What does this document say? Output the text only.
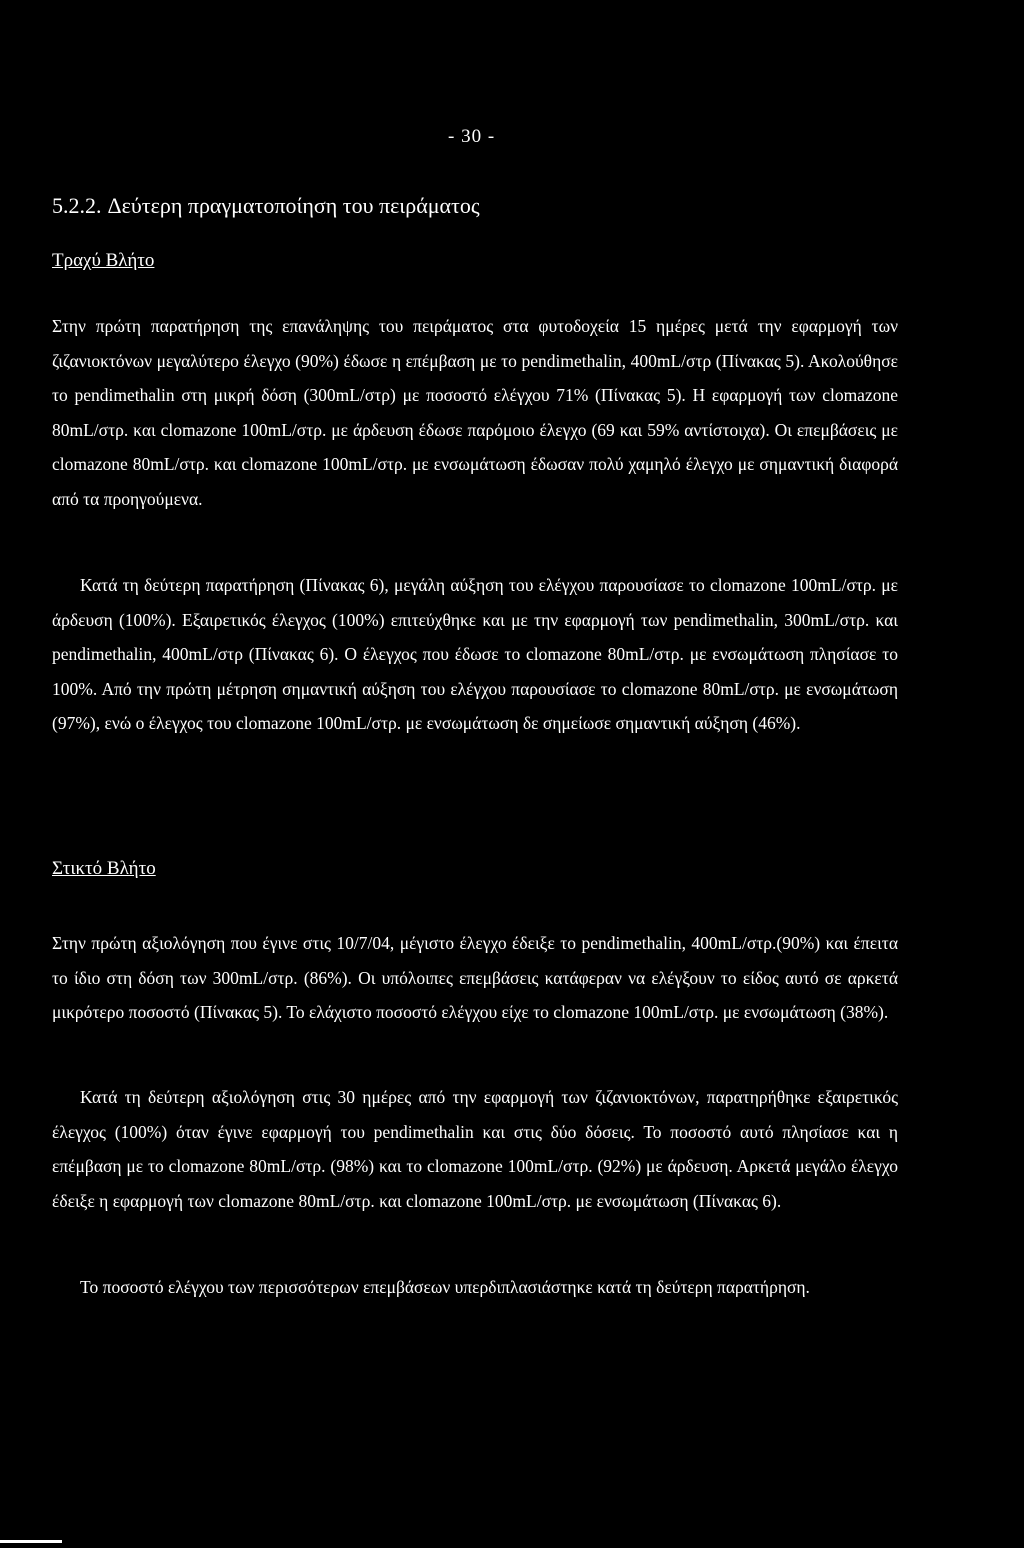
- 30 -
5.2.2. Δεύτερη πραγματοποίηση του πειράματος
Τραχύ Βλήτο

Στην πρώτη παρατήρηση της επανάληψης του πειράματος στα φυτοδοχεία 15 ημέρες μετά την εφαρμογή των ζιζανιοκτόνων μεγαλύτερο έλεγχο (90%) έδωσε η επέμβαση με το pendimethalin, 400mL/στρ (Πίνακας 5). Ακολούθησε το pendimethalin στη μικρή δόση (300mL/στρ) με ποσοστό ελέγχου 71% (Πίνακας 5). Η εφαρμογή των clomazone 80mL/στρ. και clomazone 100mL/στρ. με άρδευση έδωσε παρόμοιο έλεγχο (69 και 59% αντίστοιχα). Οι επεμβάσεις με clomazone 80mL/στρ. και clomazone 100mL/στρ. με ενσωμάτωση έδωσαν πολύ χαμηλό έλεγχο με σημαντική διαφορά από τα προηγούμενα.

Κατά τη δεύτερη παρατήρηση (Πίνακας 6), μεγάλη αύξηση του ελέγχου παρουσίασε το clomazone 100mL/στρ. με άρδευση (100%). Εξαιρετικός έλεγχος (100%) επιτεύχθηκε και με την εφαρμογή των pendimethalin, 300mL/στρ. και pendimethalin, 400mL/στρ (Πίνακας 6). Ο έλεγχος που έδωσε το clomazone 80mL/στρ. με ενσωμάτωση πλησίασε το 100%. Από την πρώτη μέτρηση σημαντική αύξηση του ελέγχου παρουσίασε το clomazone 80mL/στρ. με ενσωμάτωση (97%), ενώ ο έλεγχος του clomazone 100mL/στρ. με ενσωμάτωση δε σημείωσε σημαντική αύξηση (46%).

Στικτό Βλήτο

Στην πρώτη αξιολόγηση που έγινε στις 10/7/04, μέγιστο έλεγχο έδειξε το pendimethalin, 400mL/στρ.(90%) και έπειτα το ίδιο στη δόση των 300mL/στρ. (86%). Οι υπόλοιπες επεμβάσεις κατάφεραν να ελέγξουν το είδος αυτό σε αρκετά μικρότερο ποσοστό (Πίνακας 5). Το ελάχιστο ποσοστό ελέγχου είχε το clomazone 100mL/στρ. με ενσωμάτωση (38%).

Κατά τη δεύτερη αξιολόγηση στις 30 ημέρες από την εφαρμογή των ζιζανιοκτόνων, παρατηρήθηκε εξαιρετικός έλεγχος (100%) όταν έγινε εφαρμογή του pendimethalin και στις δύο δόσεις. Το ποσοστό αυτό πλησίασε και η επέμβαση με το clomazone 80mL/στρ. (98%) και το clomazone 100mL/στρ. (92%) με άρδευση. Αρκετά μεγάλο έλεγχο έδειξε η εφαρμογή των clomazone 80mL/στρ. και clomazone 100mL/στρ. με ενσωμάτωση (Πίνακας 6).

Το ποσοστό ελέγχου των περισσότερων επεμβάσεων υπερδιπλασιάστηκε κατά τη δεύτερη παρατήρηση.
